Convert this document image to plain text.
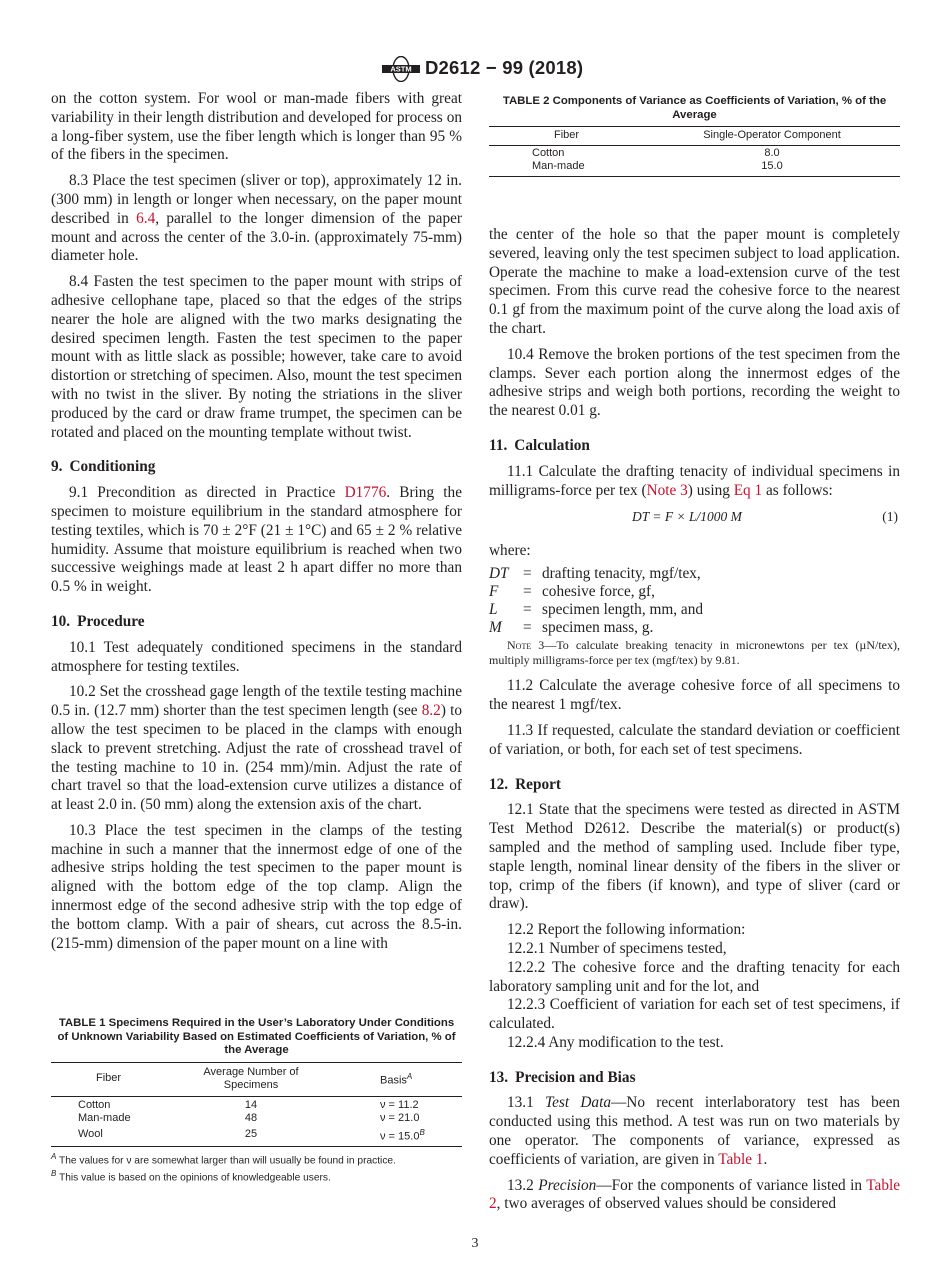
ASTM D2612 − 99 (2018)

on the cotton system. For wool or man-made fibers with great variability in their length distribution and developed for process on a long-fiber system, use the fiber length which is longer than 95 % of the fibers in the specimen.

8.3 Place the test specimen (sliver or top), approximately 12 in. (300 mm) in length or longer when necessary, on the paper mount described in 6.4, parallel to the longer dimension of the paper mount and across the center of the 3.0-in. (approximately 75-mm) diameter hole.

8.4 Fasten the test specimen to the paper mount with strips of adhesive cellophane tape, placed so that the edges of the strips nearer the hole are aligned with the two marks designating the desired specimen length. Fasten the test specimen to the paper mount with as little slack as possible; however, take care to avoid distortion or stretching of specimen. Also, mount the test specimen with no twist in the sliver. By noting the striations in the sliver produced by the card or draw frame trumpet, the specimen can be rotated and placed on the mounting template without twist.

9. Conditioning

9.1 Precondition as directed in Practice D1776. Bring the specimen to moisture equilibrium in the standard atmosphere for testing textiles, which is 70 ± 2°F (21 ± 1°C) and 65 ± 2 % relative humidity. Assume that moisture equilibrium is reached when two successive weighings made at least 2 h apart differ no more than 0.5 % in weight.

10. Procedure

10.1 Test adequately conditioned specimens in the standard atmosphere for testing textiles.

10.2 Set the crosshead gage length of the textile testing machine 0.5 in. (12.7 mm) shorter than the test specimen length (see 8.2) to allow the test specimen to be placed in the clamps with enough slack to prevent stretching. Adjust the rate of crosshead travel of the testing machine to 10 in. (254 mm)/min. Adjust the rate of chart travel so that the load-extension curve utilizes a distance of at least 2.0 in. (50 mm) along the extension axis of the chart.

10.3 Place the test specimen in the clamps of the testing machine in such a manner that the innermost edge of one of the adhesive strips holding the test specimen to the paper mount is aligned with the bottom edge of the top clamp. Align the innermost edge of the second adhesive strip with the top edge of the bottom clamp. With a pair of shears, cut across the 8.5-in. (215-mm) dimension of the paper mount on a line with

TABLE 1 Specimens Required in the User’s Laboratory Under Conditions of Unknown Variability Based on Estimated Coefficients of Variation, % of the Average
Fiber	Average Number of Specimens	Basis$^A$
Cotton	14	ν = 11.2
Man-made	48	ν = 21.0
Wool	25	$\nu = 15.0^B$
$^A$ The values for ν are somewhat larger than will usually be found in practice.
$^B$ This value is based on the opinions of knowledgeable users.
TABLE 2 Components of Variance as Coefficients of Variation, % of the Average
Fiber	Single-Operator Component
Cotton	8.0
Man-made	15.0

the center of the hole so that the paper mount is completely severed, leaving only the test specimen subject to load application. Operate the machine to make a load-extension curve of the test specimen. From this curve read the cohesive force to the nearest 0.1 gf from the maximum point of the curve along the load axis of the chart.

10.4 Remove the broken portions of the test specimen from the clamps. Sever each portion along the innermost edges of the adhesive strips and weigh both portions, recording the weight to the nearest 0.01 g.

11. Calculation

11.1 Calculate the drafting tenacity of individual specimens in milligrams-force per tex (Note 3) using Eq 1 as follows:

DT = F × L/1000 M	(1)
where:
DT = drafting tenacity, mgf/tex,
F	= cohesive force, gf,
L	= specimen length, mm, and
M	= specimen mass, g.
Note 3—To calculate breaking tenacity in micronewtons per tex (µN/tex), multiply milligrams-force per tex (mgf/tex) by 9.81.

11.2 Calculate the average cohesive force of all specimens to the nearest 1 mgf/tex.

11.3 If requested, calculate the standard deviation or coefficient of variation, or both, for each set of test specimens.

12. Report

12.1 State that the specimens were tested as directed in ASTM Test Method D2612. Describe the material(s) or product(s) sampled and the method of sampling used. Include fiber type, staple length, nominal linear density of the fibers in the sliver or top, crimp of the fibers (if known), and type of sliver (card or draw).

12.2 Report the following information:

12.2.1 Number of specimens tested,

12.2.2 The cohesive force and the drafting tenacity for each laboratory sampling unit and for the lot, and

12.2.3 Coefficient of variation for each set of test specimens, if calculated.

12.2.4 Any modification to the test.

13. Precision and Bias

13.1 Test Data—No recent interlaboratory test has been conducted using this method. A test was run on two materials by one operator. The components of variance, expressed as coefficients of variation, are given in Table 1.

13.2 Precision—For the components of variance listed in Table 2, two averages of observed values should be considered

3
